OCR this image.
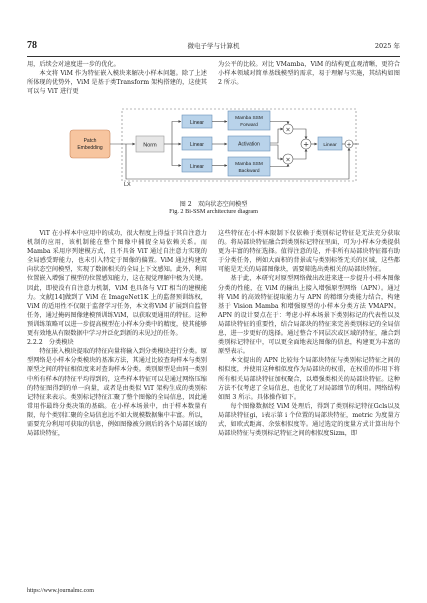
78	微电子学与计算机	2025 年

用，后续会对速度进一步的优化。

本文将 ViM 作为特征嵌入模块来解决小样本问题。除了上述所体现的优势外，ViM 是基于类Transform 架构搭建的，这使其可以与 ViT 进行更

为公平的比较。对比 VMamba，ViM 的结构更直观清晰，更符合小样本领域对简单基线模型的需求，易于理解与实施，其结构如图 2 所示。

LX
Patch
Embedding	Norm
Linear
Linear
Linear
Mamba SSM
Forward
Activation
Mamba SSM
Backward
×
×
+	Linear +
图 2　双向状态空间模型
Fig. 2 Bi-SSM architecture diagram

ViT 在小样本中应用中的成功，很大程度上得益于其自注意力机制的应用，该机制能在整个图像中捕捉全局依赖关系。而 Mamba 采用序列建模方式，且不具备 ViT 通过自注意力实现的全局感受野能力，也未引入特定于图像的偏置。ViM 通过构建双向状态空间模型，实现了数据相关的全局上下文感知。此外，利用位置嵌入增强了模型的位置感知能力，这在视觉理解中极为关键。因此，即使没有自注意力机制，ViM 也具备与 ViT 相当的建模能力。文献[14]做到了 ViM 在 ImageNet1K 上的监督预训练权，ViM 的适用性不仅限于监督学习任务，本文将ViM 扩展到自监督任务，通过掩码图像建模预训练ViM，以获取更通用的特征。这种预训练策略可以进一步提高模型在小样本分类中的精度，使其能够更有效地从有限数据中学习并泛化到新的未见过的任务。

2.2.2　分类模块

特征嵌入模块提取的特征向量将输入到分类模块进行分类。原型网络是小样本分类模块的基准方法，其通过比较查询样本与类别原型之间的特征相似度来对查询样本分类。类别原型是由同一类别中所有样本的特征平均得到的，这些样本特征可以是通过网络压缩的特征图得到的单一向量，或者是由类似 ViT 架构生成的类别标记特征来表示。类别标记特征汇聚了整个图像的全局信息，因此通常用作最终分类决策的基础。在小样本场景中，由于样本数量有限，每个类别汇聚的全局信息远不如大规模数据集中丰富。所以，需要充分利用可获取的信息，例如图像被分割后的各个局部区域的局部块特征，

这些特征在小样本限制下仅依赖于类别标记特征是无法充分获取的。将局部块特征融合到类别标记特征里面，可为小样本分类提供更为丰富的特征选择。值得注意的是，并非所有局部块特征都有助于分类任务，例如大面积的背景或与类别标签无关的区域，这些都可能是无关的局部图像块，需要筛选出类相关的局部块特征。

基于此，本研究对原型网络做出改进来进一步提升小样本图像分类的性能，在 ViM 的输出上接入增强原型网络（APN）。通过将 ViM 的高效特征提取能力与 APN 的精细分类能力结合，构建基于 Vision Mamba 和增强原型的小样本分类方法 VMAPN。APN 的设计要点在于：考虑小样本场景下类别标记的代表性以及局部块特征的重要性，结合局部块的特征来完善类别标记的全局信息，进一步更好的选择。通过整合不同层次或区域的特征，融合到类别标记特征中，可以更全面地表达图像的信息，构建更为丰富的原型表示。

本文提出的 APN 比较每个局部块特征与类别标记特征之间的相似度，并使用这种相似度作为局部块的权重，在权重的作用下将所有相关局部块特征加权聚合，以增强类相关的局部块特征。这种方法不仅考虑了全局信息，也优化了对局部细节的利用。网络结构如图 3 所示。具体操作如下。

每个图像数据经 ViM 处理后，得到了类别标记特征Gcls以及局部块特征gi，i表示第 i 个位置的局部块特征，metric 为度量方式，如欧式距离、余弦相似度等。通过选定的度量方式计算出每个局部块特征与类别标记特征之间的相似度Sizm，即

https://www.journalmc.com
